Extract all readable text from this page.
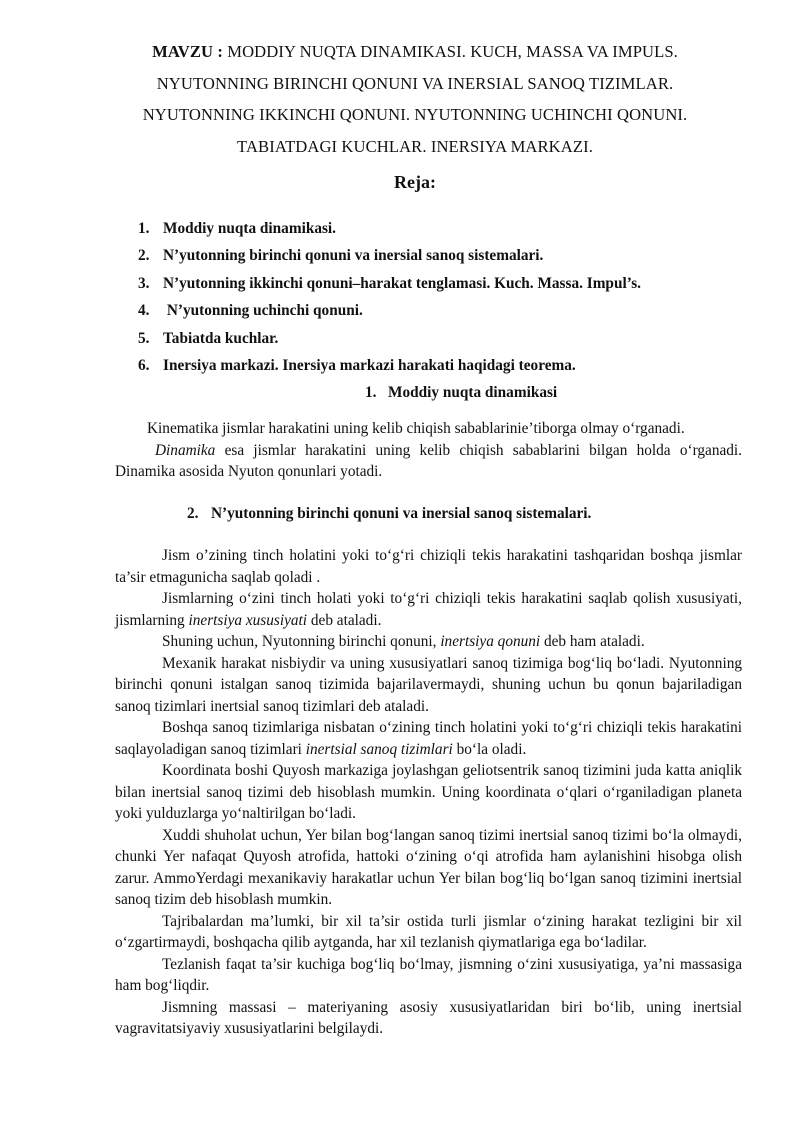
MAVZU : MODDIY NUQTA DINAMIKASI. KUCH, MASSA VA IMPULS.
NYUTONNING BIRINCHI QONUNI VA INERSIAL SANOQ TIZIMLAR.
NYUTONNING IKKINCHI QONUNI. NYUTONNING UCHINCHI QONUNI.
TABIATDAGI KUCHLAR. INERSIYA MARKAZI.
Reja:
1. Moddiy nuqta dinamikasi.
2. N’yutonning birinchi qonuni va inersial sanoq sistemalari.
3. N’yutonning ikkinchi qonuni–harakat tenglamasi. Kuch. Massa. Impul’s.
4. N’yutonning uchinchi qonuni.
5. Tabiatda kuchlar.
6. Inersiya markazi. Inersiya markazi harakati haqidagi teorema.
1. Moddiy nuqta dinamikasi

Kinematika jismlar harakatini uning kelib chiqish sabablariniе’tiborga olmay o‘rganadi.

Dinamika esa jismlar harakatini uning kelib chiqish sabablarini bilgan holda o‘rganadi. Dinamika asosida Nyuton qonunlari yotadi.

2. N’yutonning birinchi qonuni va inersial sanoq sistemalari.

Jism o’zining tinch holatini yoki to‘g‘ri chiziqli tekis harakatini tashqaridan boshqa jismlar ta’sir etmagunicha saqlab qoladi .

Jismlarning o‘zini tinch holati yoki to‘g‘ri chiziqli tekis harakatini saqlab qolish xususiyati, jismlarning inertsiya xususiyati deb ataladi.

Shuning uchun, Nyutonning birinchi qonuni, inertsiya qonuni deb ham ataladi.

Mexanik harakat nisbiydir va uning xususiyatlari sanoq tizimiga bog‘liq bo‘ladi. Nyutonning birinchi qonuni istalgan sanoq tizimida bajarilavermaydi, shuning uchun bu qonun bajariladigan sanoq tizimlari inertsial sanoq tizimlari deb ataladi.

Boshqa sanoq tizimlariga nisbatan o‘zining tinch holatini yoki to‘g‘ri chiziqli tekis harakatini saqlayoladigan sanoq tizimlari inertsial sanoq tizimlari bo‘la oladi.

Koordinata boshi Quyosh markaziga joylashgan geliotsentrik sanoq tizimini juda katta aniqlik bilan inertsial sanoq tizimi deb hisoblash mumkin. Uning koordinata o‘qlari o‘rganiladigan planeta yoki yulduzlarga yo‘naltirilgan bo‘ladi.

Xuddi shuholat uchun, Yer bilan bog‘langan sanoq tizimi inertsial sanoq tizimi bo‘la olmaydi, chunki Yer nafaqat Quyosh atrofida, hattoki o‘zining o‘qi atrofida ham aylanishini hisobga olish zarur. AmmoYerdagi mexanikaviy harakatlar uchun Yer bilan bog‘liq bo‘lgan sanoq tizimini inertsial sanoq tizim deb hisoblash mumkin.

Tajribalardan ma’lumki, bir xil ta’sir ostida turli jismlar o‘zining harakat tezligini bir xil o‘zgartirmaydi, boshqacha qilib aytganda, har xil tezlanish qiymatlariga ega bo‘ladilar.

Tezlanish faqat ta’sir kuchiga bog‘liq bo‘lmay, jismning o‘zini xususiyatiga, ya’ni massasiga ham bog‘liqdir.

Jismning massasi – materiyaning asosiy xususiyatlaridan biri bo‘lib, uning inertsial vagravitatsiyaviy xususiyatlarini belgilaydi.
